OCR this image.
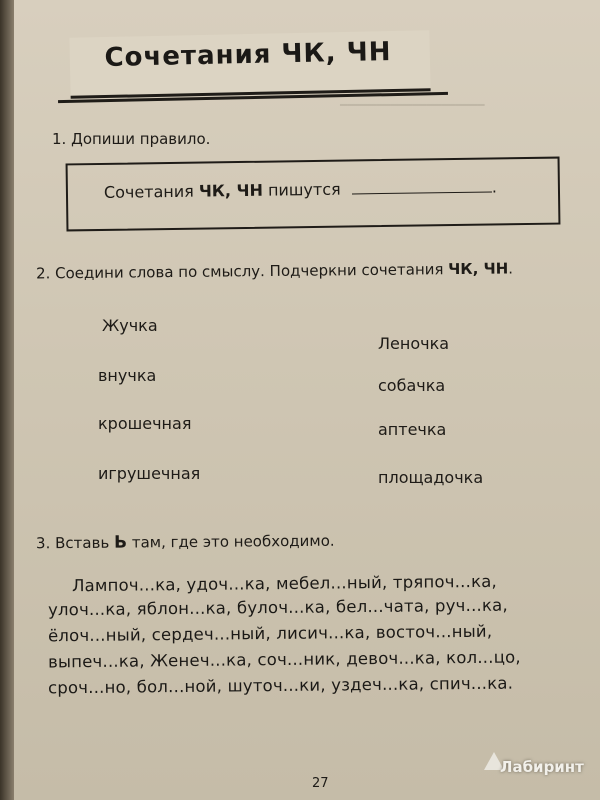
━━━━━━━━━━━━━━━━━━━━
Сочетания ЧК, ЧН
1. Допиши правило.
Сочетания ЧК, ЧН пишутся	.
2. Соедини слова по смыслу. Подчеркни сочетания ЧК, ЧН.
Жучка
внучка
крошечная
игрушечная
Леночка
собачка
аптечка
площадочка
3. Вставь Ь там, где это необходимо.
Лампоч...ка, удоч...ка, мебел...ный, тряпоч...ка,
улоч...ка, яблон...ка, булоч...ка, бел...чата, руч...ка,
ёлоч...ный, сердеч...ный, лисич...ка, восточ...ный,
выпеч...ка, Женеч...ка, соч...ник, девоч...ка, кол...цо,
сроч...но, бол...ной, шуточ...ки, уздеч...ка, спич...ка.
27
Лабиринт
